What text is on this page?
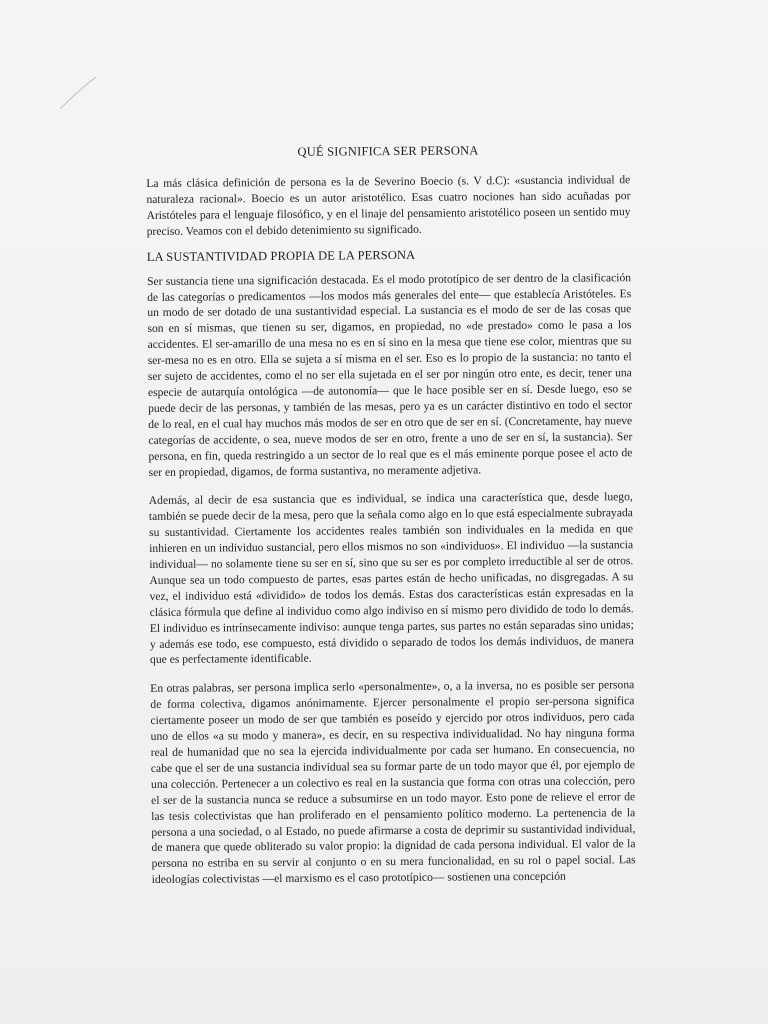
QUÉ SIGNIFICA SER PERSONA

La más clásica definición de persona es la de Severino Boecio (s. V d.C): «sustancia individual de naturaleza racional». Boecio es un autor aristotélico. Esas cuatro nociones han sido acuñadas por Aristóteles para el lenguaje filosófico, y en el linaje del pensamiento aristotélico poseen un sentido muy preciso. Veamos con el debido detenimiento su significado.

LA SUSTANTIVIDAD PROPIA DE LA PERSONA

Ser sustancia tiene una significación destacada. Es el modo prototípico de ser dentro de la clasificación de las categorías o predicamentos —los modos más generales del ente— que establecía Aristóteles. Es un modo de ser dotado de una sustantividad especial. La sustancia es el modo de ser de las cosas que son en sí mismas, que tienen su ser, digamos, en propiedad, no «de prestado» como le pasa a los accidentes. El ser-amarillo de una mesa no es en sí sino en la mesa que tiene ese color, mientras que su ser-mesa no es en otro. Ella se sujeta a sí misma en el ser. Eso es lo propio de la sustancia: no tanto el ser sujeto de accidentes, como el no ser ella sujetada en el ser por ningún otro ente, es decir, tener una especie de autarquía ontológica —de autonomía— que le hace posible ser en sí. Desde luego, eso se puede decir de las personas, y también de las mesas, pero ya es un carácter distintivo en todo el sector de lo real, en el cual hay muchos más modos de ser en otro que de ser en sí. (Concretamente, hay nueve categorías de accidente, o sea, nueve modos de ser en otro, frente a uno de ser en sí, la sustancia). Ser persona, en fin, queda restringido a un sector de lo real que es el más eminente porque posee el acto de ser en propiedad, digamos, de forma sustantiva, no meramente adjetiva.

Además, al decir de esa sustancia que es individual, se indica una característica que, desde luego, también se puede decir de la mesa, pero que la señala como algo en lo que está especialmente subrayada su sustantividad. Ciertamente los accidentes reales también son individuales en la medida en que inhieren en un individuo sustancial, pero ellos mismos no son «individuos». El individuo —la sustancia individual— no solamente tiene su ser en sí, sino que su ser es por completo irreductible al ser de otros. Aunque sea un todo compuesto de partes, esas partes están de hecho unificadas, no disgregadas. A su vez, el individuo está «dividido» de todos los demás. Estas dos características están expresadas en la clásica fórmula que define al individuo como algo indiviso en sí mismo pero dividido de todo lo demás. El individuo es intrínsecamente indiviso: aunque tenga partes, sus partes no están separadas sino unidas; y además ese todo, ese compuesto, está dividido o separado de todos los demás individuos, de manera que es perfectamente identificable.

En otras palabras, ser persona implica serlo «personalmente», o, a la inversa, no es posible ser persona de forma colectiva, digamos anónimamente. Ejercer personalmente el propio ser-persona significa ciertamente poseer un modo de ser que también es poseído y ejercido por otros individuos, pero cada uno de ellos «a su modo y manera», es decir, en su respectiva individualidad. No hay ninguna forma real de humanidad que no sea la ejercida individualmente por cada ser humano. En consecuencia, no cabe que el ser de una sustancia individual sea su formar parte de un todo mayor que él, por ejemplo de una colección. Pertenecer a un colectivo es real en la sustancia que forma con otras una colección, pero el ser de la sustancia nunca se reduce a subsumirse en un todo mayor. Esto pone de relieve el error de las tesis colectivistas que han proliferado en el pensamiento político moderno. La pertenencia de la persona a una sociedad, o al Estado, no puede afirmarse a costa de deprimir su sustantividad individual, de manera que quede obliterado su valor propio: la dignidad de cada persona individual. El valor de la persona no estriba en su servir al conjunto o en su mera funcionalidad, en su rol o papel social. Las ideologías colectivistas —el marxismo es el caso prototípico— sostienen una concepción
